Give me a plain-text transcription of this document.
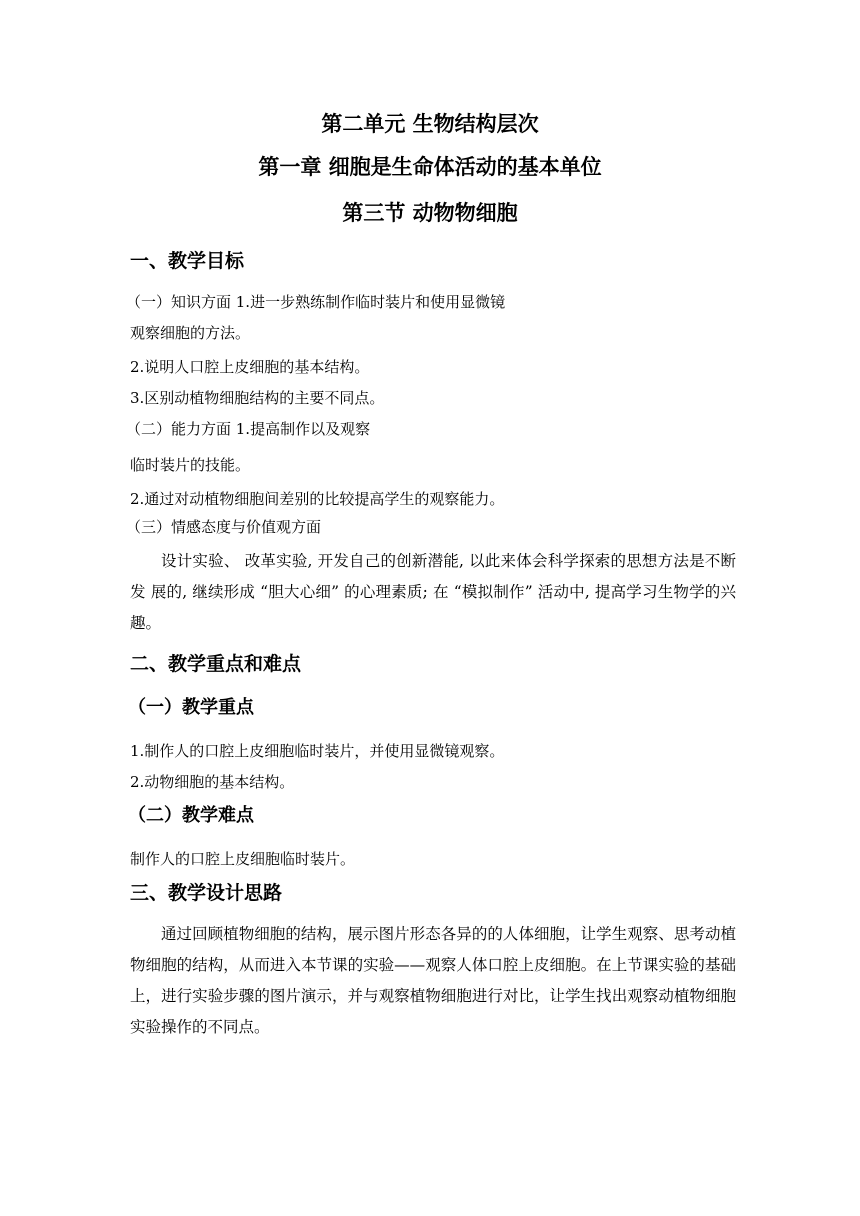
第二单元 生物结构层次
第一章 细胞是生命体活动的基本单位
第三节 动物物细胞
一、教学目标
（一）知识方面 1.进一步熟练制作临时装片和使用显微镜
观察细胞的方法。
2.说明人口腔上皮细胞的基本结构。
3.区别动植物细胞结构的主要不同点。
（二）能力方面 1.提高制作以及观察
临时装片的技能。
2.通过对动植物细胞间差别的比较提高学生的观察能力。
（三）情感态度与价值观方面
设计实验、 改革实验, 开发自己的创新潜能, 以此来体会科学探索的思想方法是不断发 展的, 继续形成 “胆大心细” 的心理素质; 在 “模拟制作” 活动中, 提高学习生物学的兴趣。
二、教学重点和难点
（一）教学重点
1.制作人的口腔上皮细胞临时装片，并使用显微镜观察。
2.动物细胞的基本结构。
（二）教学难点
制作人的口腔上皮细胞临时装片。
三、教学设计思路
通过回顾植物细胞的结构，展示图片形态各异的的人体细胞，让学生观察、思考动植物细胞的结构，从而进入本节课的实验——观察人体口腔上皮细胞。在上节课实验的基础上，进行实验步骤的图片演示，并与观察植物细胞进行对比，让学生找出观察动植物细胞实验操作的不同点。
